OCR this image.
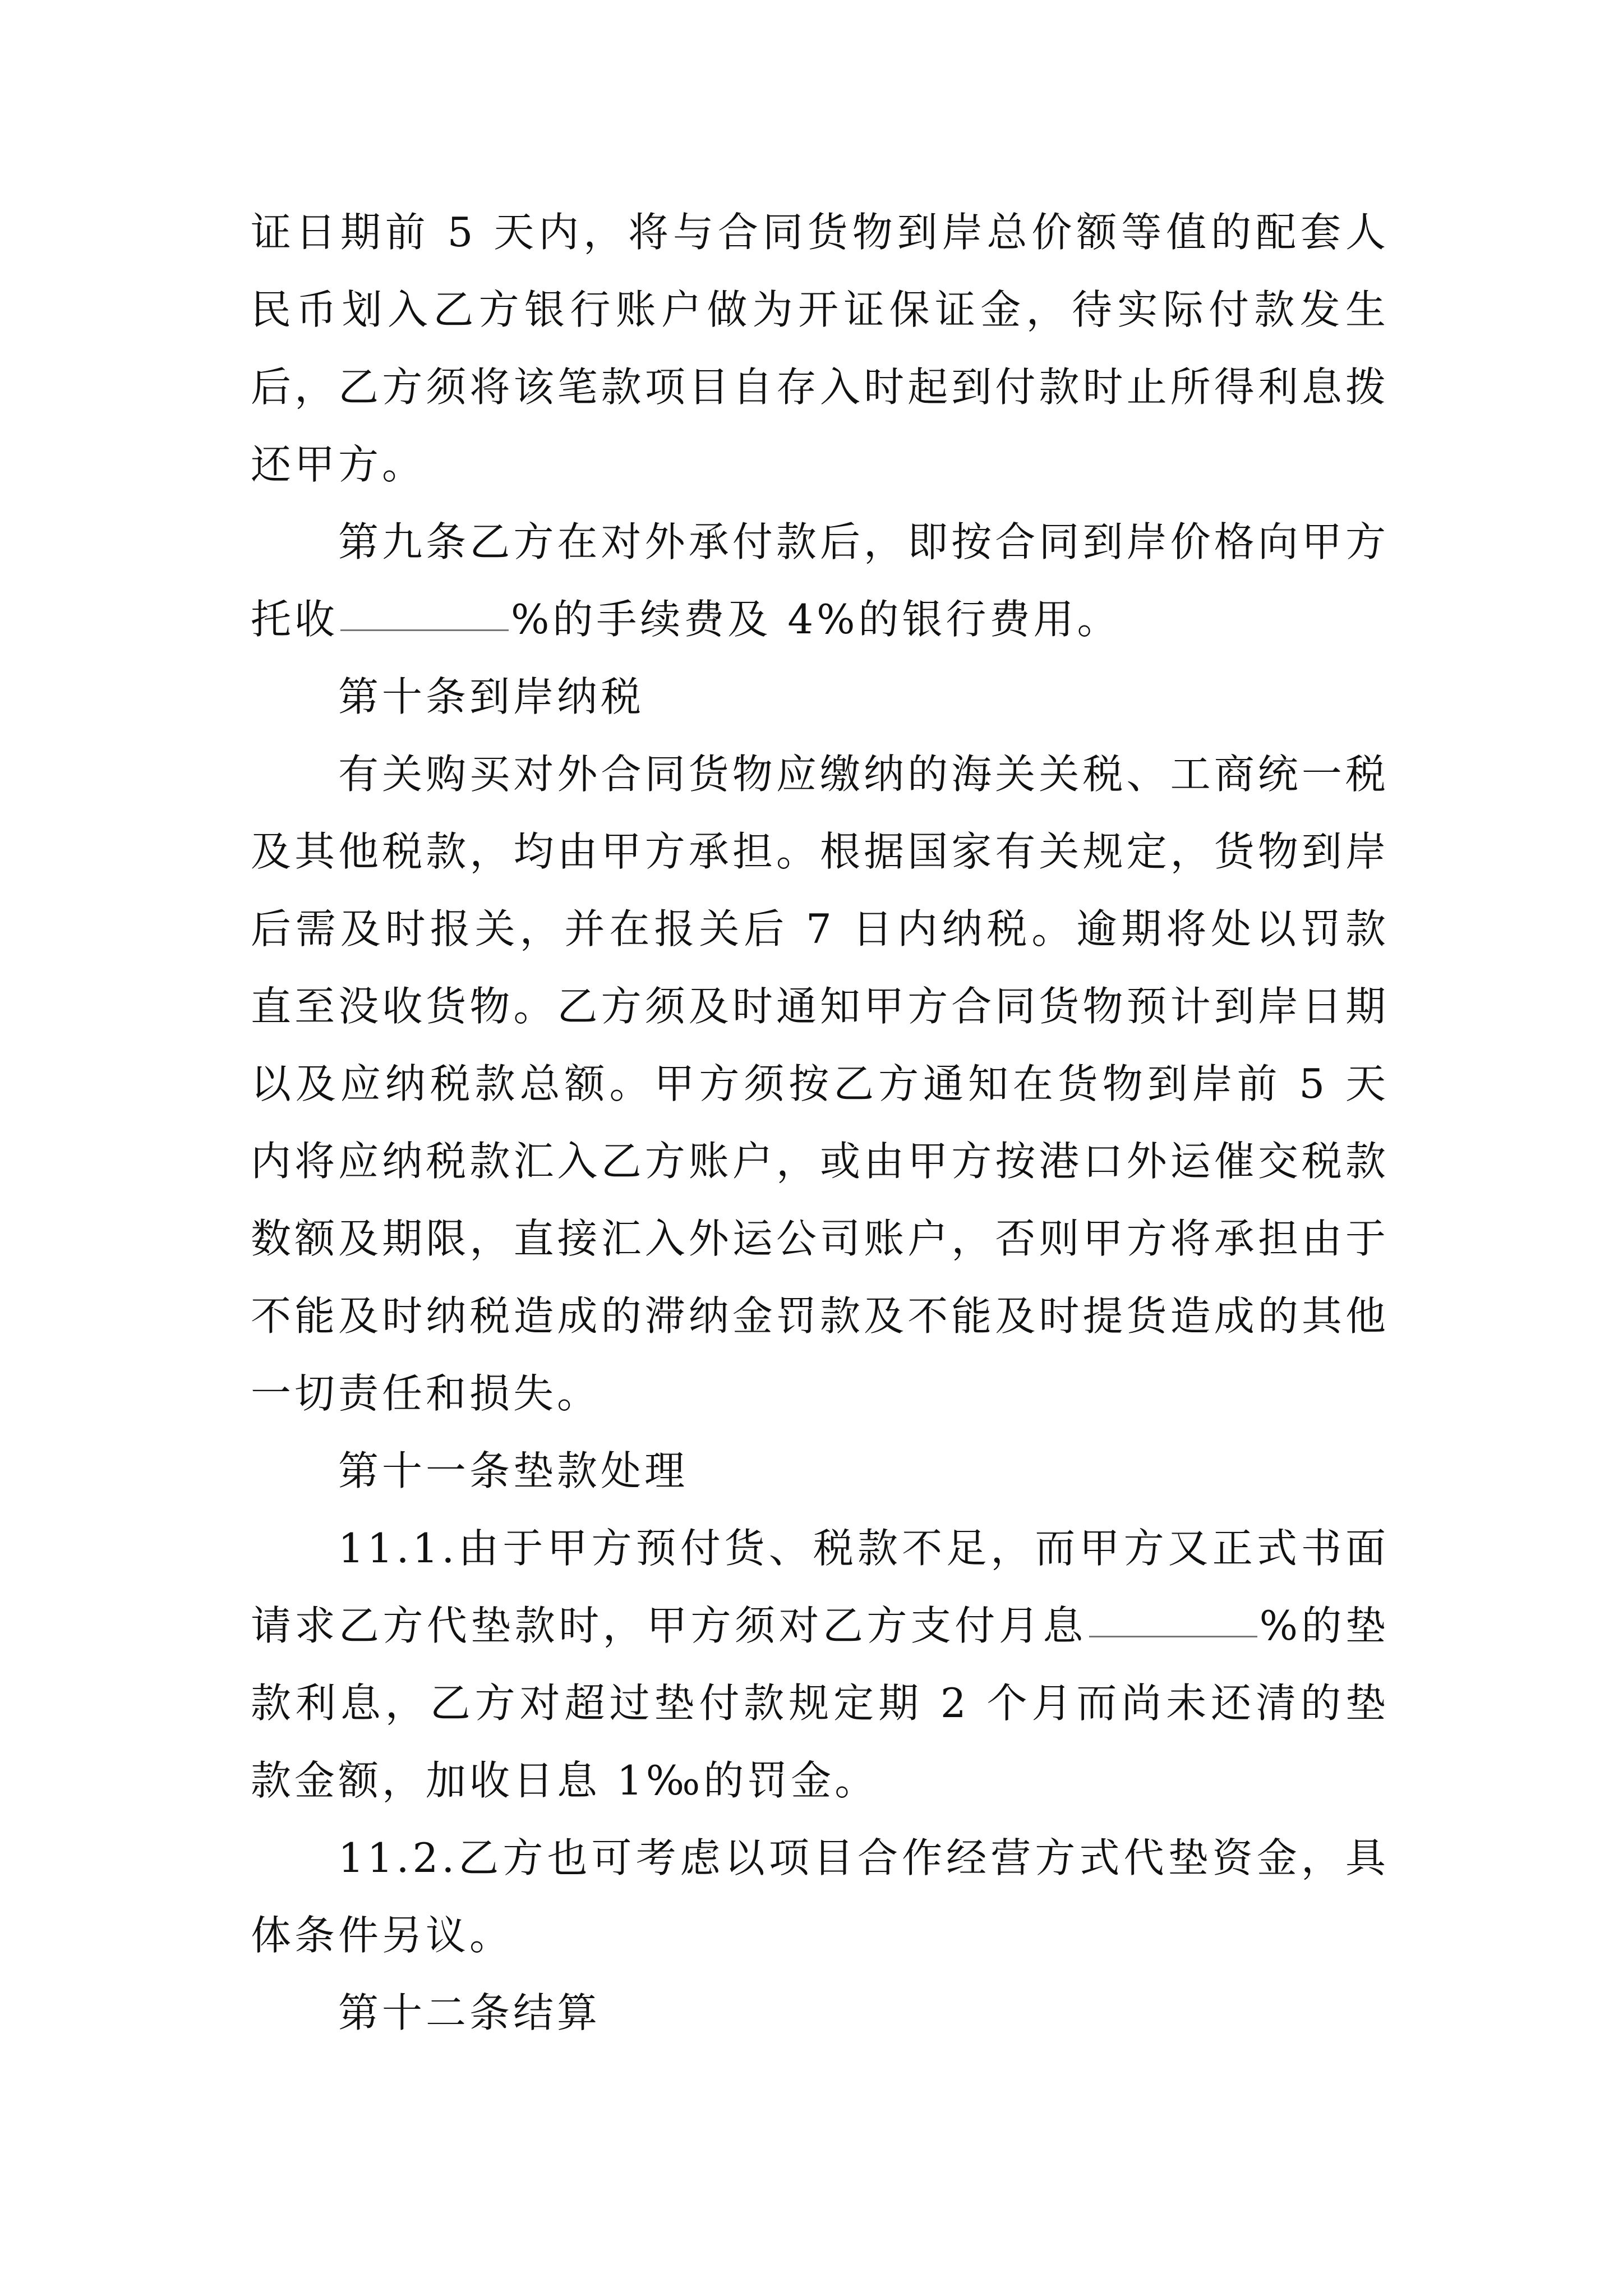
证日期前 5 天内，将与合同货物到岸总价额等值的配套人民币划入乙方银行账户做为开证保证金，待实际付款发生后，乙方须将该笔款项目自存入时起到付款时止所得利息拨还甲方。

第九条乙方在对外承付款后，即按合同到岸价格向甲方托收	%的手续费及 4%的银行费用。

第十条到岸纳税

有关购买对外合同货物应缴纳的海关关税、工商统一税及其他税款，均由甲方承担。根据国家有关规定，货物到岸后需及时报关，并在报关后 7 日内纳税。逾期将处以罚款直至没收货物。乙方须及时通知甲方合同货物预计到岸日期以及应纳税款总额。甲方须按乙方通知在货物到岸前 5 天内将应纳税款汇入乙方账户，或由甲方按港口外运催交税款数额及期限，直接汇入外运公司账户，否则甲方将承担由于不能及时纳税造成的滞纳金罚款及不能及时提货造成的其他一切责任和损失。

第十一条垫款处理

11.1.由于甲方预付货、税款不足，而甲方又正式书面请求乙方代垫款时，甲方须对乙方支付月息	%的垫款利息，乙方对超过垫付款规定期 2 个月而尚未还清的垫款金额，加收日息 1‰的罚金。

11.2.乙方也可考虑以项目合作经营方式代垫资金，具体条件另议。

第十二条结算
